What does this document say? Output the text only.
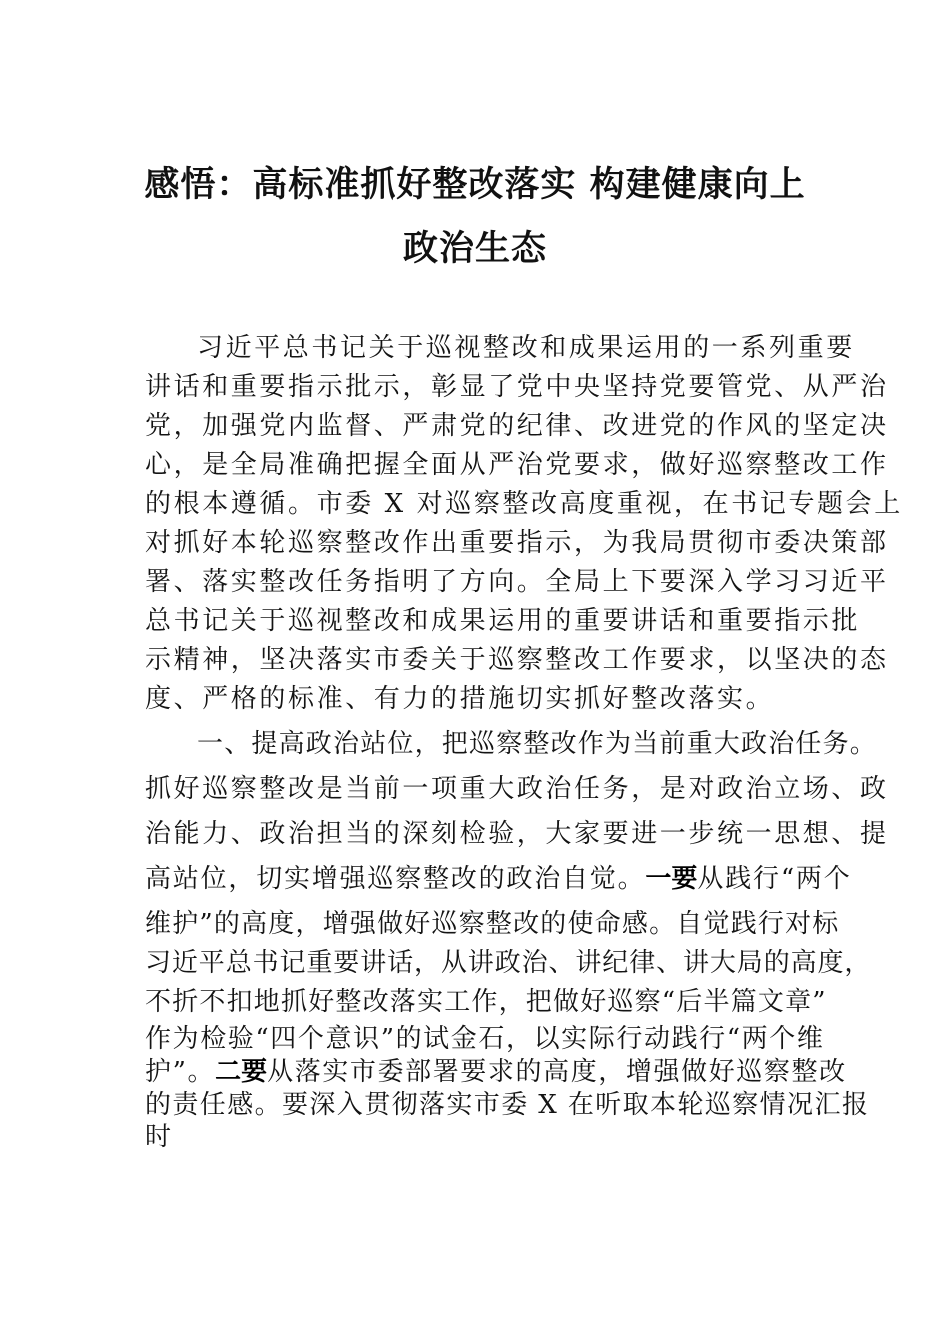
感悟：高标准抓好整改落实 构建健康向上
政治生态

习近平总书记关于巡视整改和成果运用的一系列重要

讲话和重要指示批示，彰显了党中央坚持党要管党、从严治

党，加强党内监督、严肃党的纪律、改进党的作风的坚定决

心，是全局准确把握全面从严治党要求，做好巡察整改工作

的根本遵循。市委 X 对巡察整改高度重视，在书记专题会上

对抓好本轮巡察整改作出重要指示，为我局贯彻市委决策部

署、落实整改任务指明了方向。全局上下要深入学习习近平

总书记关于巡视整改和成果运用的重要讲话和重要指示批

示精神，坚决落实市委关于巡察整改工作要求，以坚决的态

度、严格的标准、有力的措施切实抓好整改落实。

一、提高政治站位，把巡察整改作为当前重大政治任务。

抓好巡察整改是当前一项重大政治任务，是对政治立场、政

治能力、政治担当的深刻检验，大家要进一步统一思想、提

高站位，切实增强巡察整改的政治自觉。一要从践行“两个

维护”的高度，增强做好巡察整改的使命感。自觉践行对标

习近平总书记重要讲话，从讲政治、讲纪律、讲大局的高度，

不折不扣地抓好整改落实工作，把做好巡察“后半篇文章”

作为检验“四个意识”的试金石，以实际行动践行“两个维

护”。二要从落实市委部署要求的高度，增强做好巡察整改

的责任感。要深入贯彻落实市委 X 在听取本轮巡察情况汇报

时
